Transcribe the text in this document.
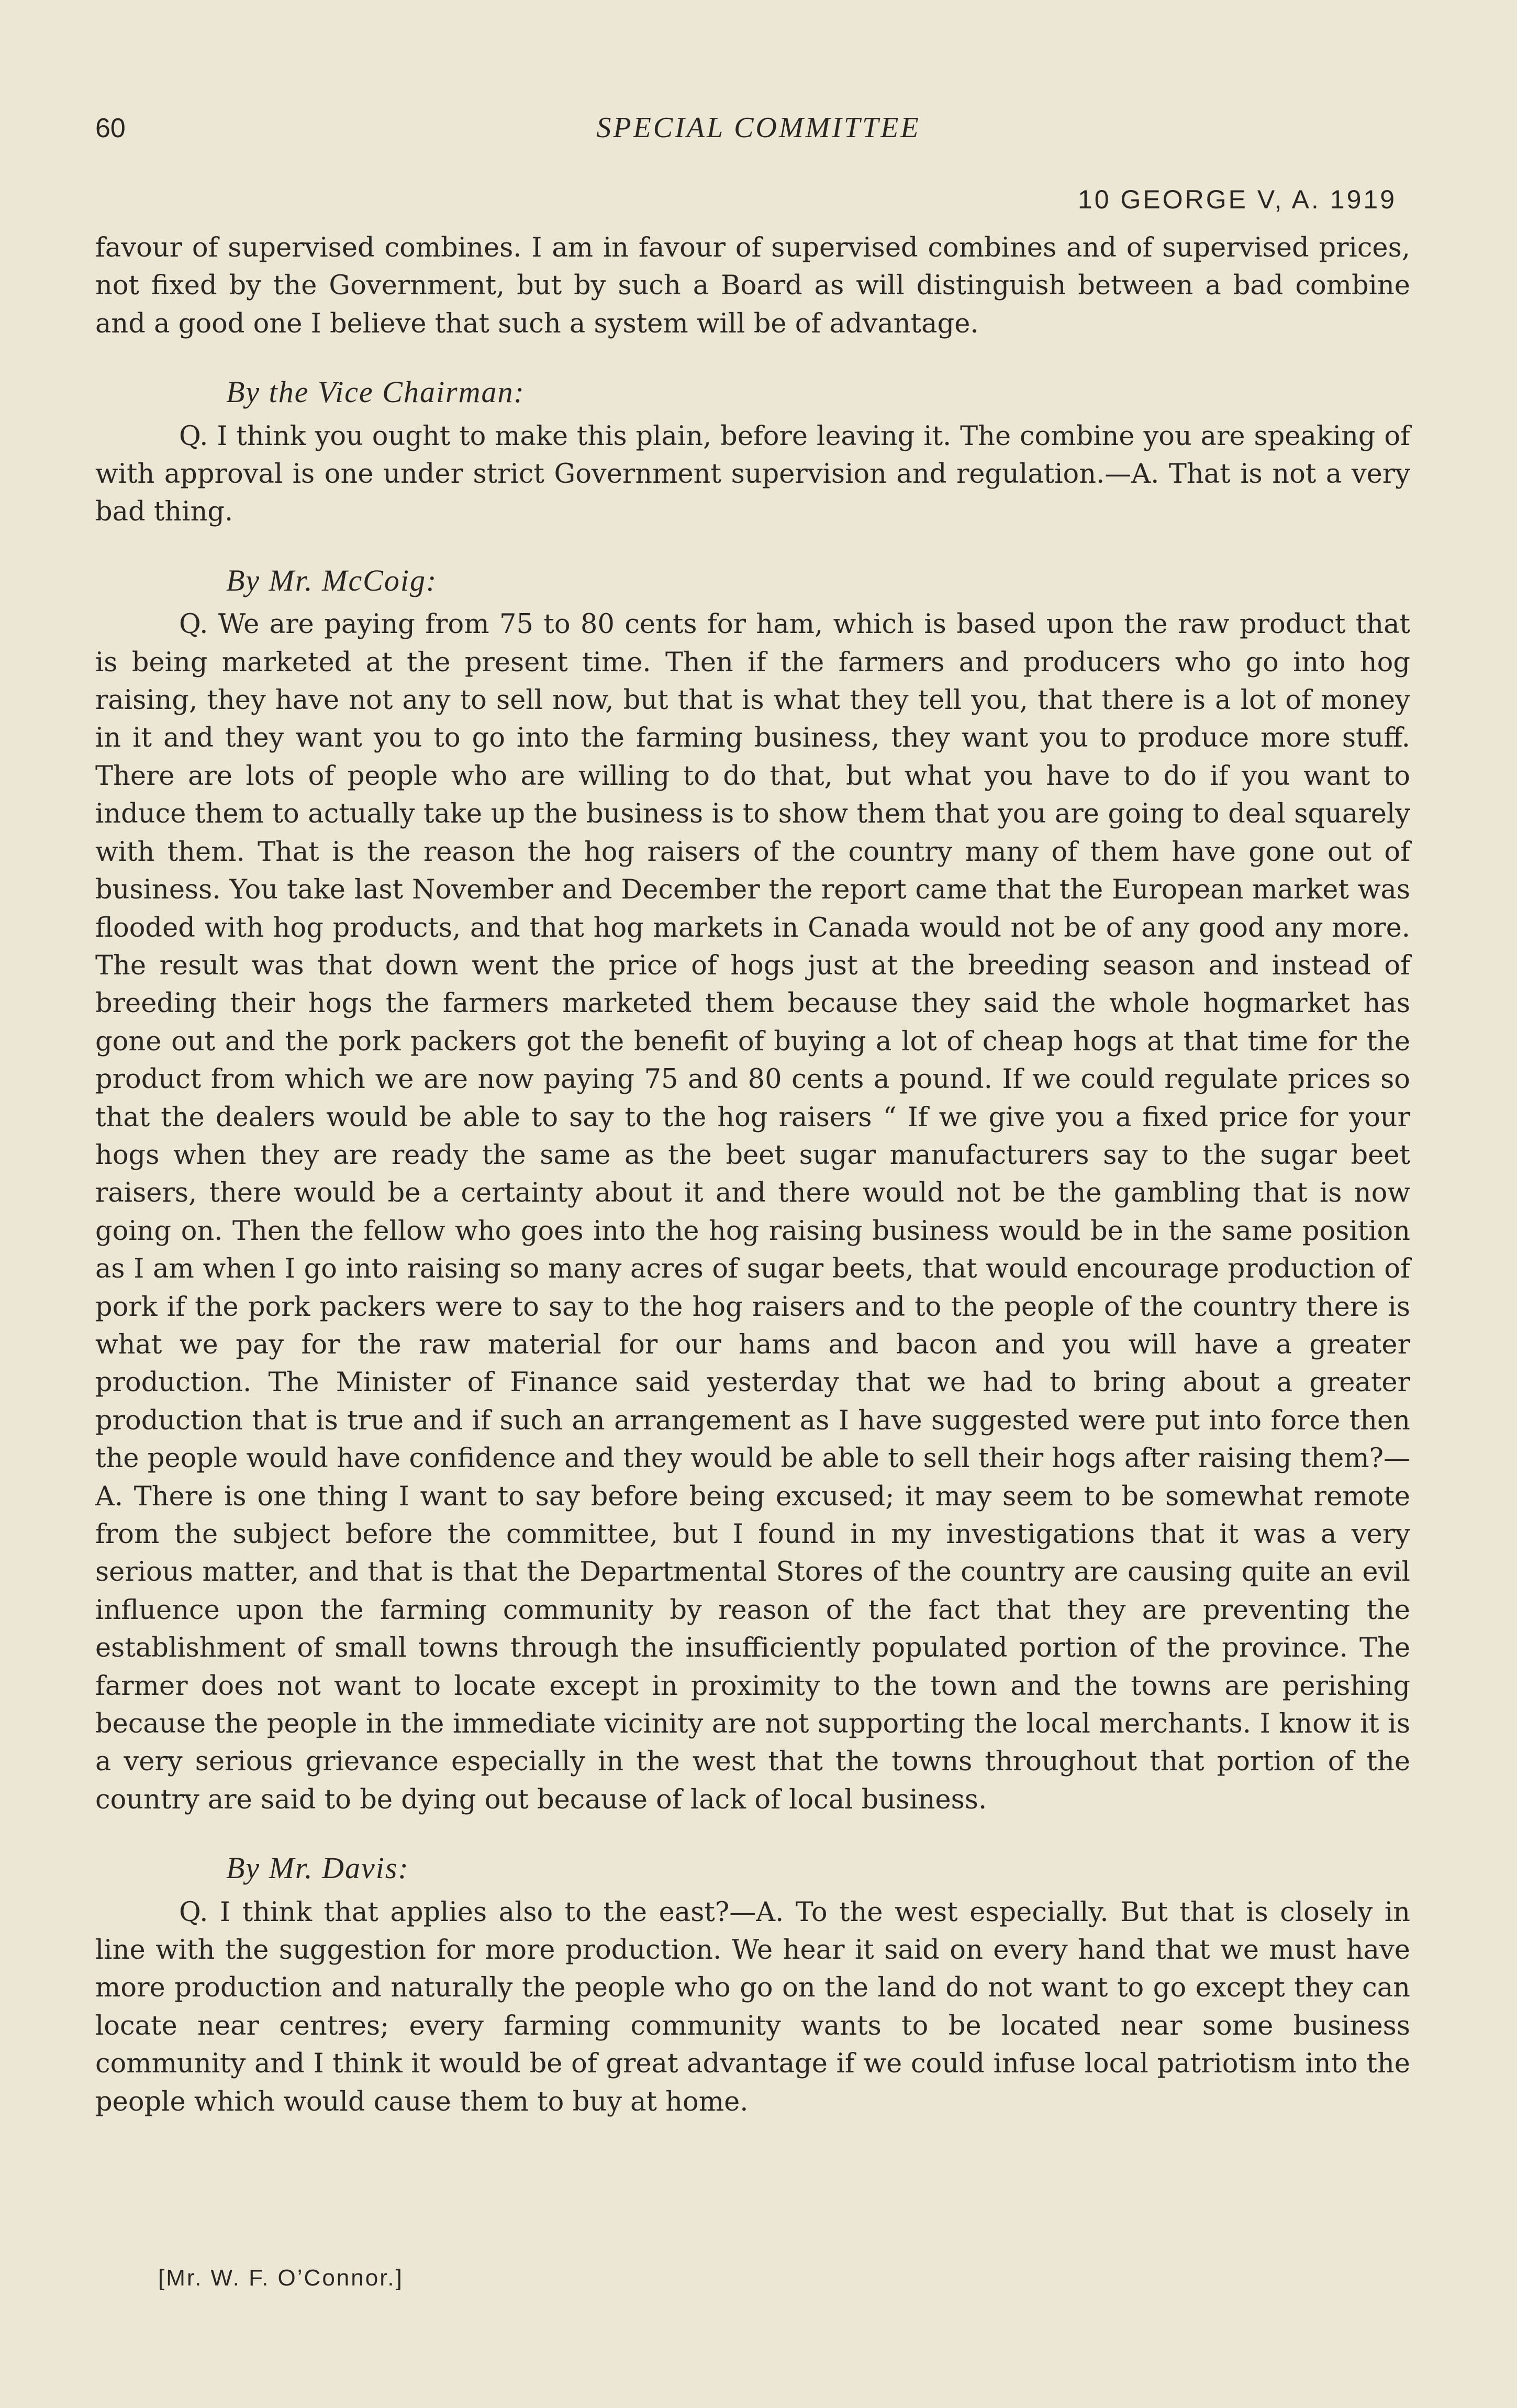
60	SPECIAL COMMITTEE
10 GEORGE V, A. 1919

favour of supervised combines. I am in favour of supervised combines and of supervised prices, not fixed by the Government, but by such a Board as will distinguish between a bad combine and a good one I believe that such a system will be of advantage.

By the Vice Chairman:

Q. I think you ought to make this plain, before leaving it. The combine you are speaking of with approval is one under strict Government supervision and regulation.—A. That is not a very bad thing.

By Mr. McCoig:

Q. We are paying from 75 to 80 cents for ham, which is based upon the raw product that is being marketed at the present time. Then if the farmers and producers who go into hog raising, they have not any to sell now, but that is what they tell you, that there is a lot of money in it and they want you to go into the farming business, they want you to produce more stuff. There are lots of people who are willing to do that, but what you have to do if you want to induce them to actually take up the business is to show them that you are going to deal squarely with them. That is the reason the hog raisers of the country many of them have gone out of business. You take last November and December the report came that the European market was flooded with hog products, and that hog markets in Canada would not be of any good any more. The result was that down went the price of hogs just at the breeding season and instead of breeding their hogs the farmers marketed them because they said the whole hogmarket has gone out and the pork packers got the benefit of buying a lot of cheap hogs at that time for the product from which we are now paying 75 and 80 cents a pound. If we could regulate prices so that the dealers would be able to say to the hog raisers “ If we give you a fixed price for your hogs when they are ready the same as the beet sugar manufacturers say to the sugar beet raisers, there would be a certainty about it and there would not be the gambling that is now going on. Then the fellow who goes into the hog raising business would be in the same position as I am when I go into raising so many acres of sugar beets, that would encourage production of pork if the pork packers were to say to the hog raisers and to the people of the country there is what we pay for the raw material for our hams and bacon and you will have a greater production. The Minister of Finance said yesterday that we had to bring about a greater production that is true and if such an arrangement as I have suggested were put into force then the people would have confidence and they would be able to sell their hogs after raising them?—A. There is one thing I want to say before being excused; it may seem to be somewhat remote from the subject before the committee, but I found in my investigations that it was a very serious matter, and that is that the Departmental Stores of the country are causing quite an evil influence upon the farming community by reason of the fact that they are preventing the establishment of small towns through the insufficiently populated portion of the province. The farmer does not want to locate except in proximity to the town and the towns are perishing because the people in the immediate vicinity are not supporting the local merchants. I know it is a very serious grievance especially in the west that the towns throughout that portion of the country are said to be dying out because of lack of local business.

By Mr. Davis:

Q. I think that applies also to the east?—A. To the west especially. But that is closely in line with the suggestion for more production. We hear it said on every hand that we must have more production and naturally the people who go on the land do not want to go except they can locate near centres; every farming community wants to be located near some business community and I think it would be of great advantage if we could infuse local patriotism into the people which would cause them to buy at home.

[Mr. W. F. O’Connor.]
